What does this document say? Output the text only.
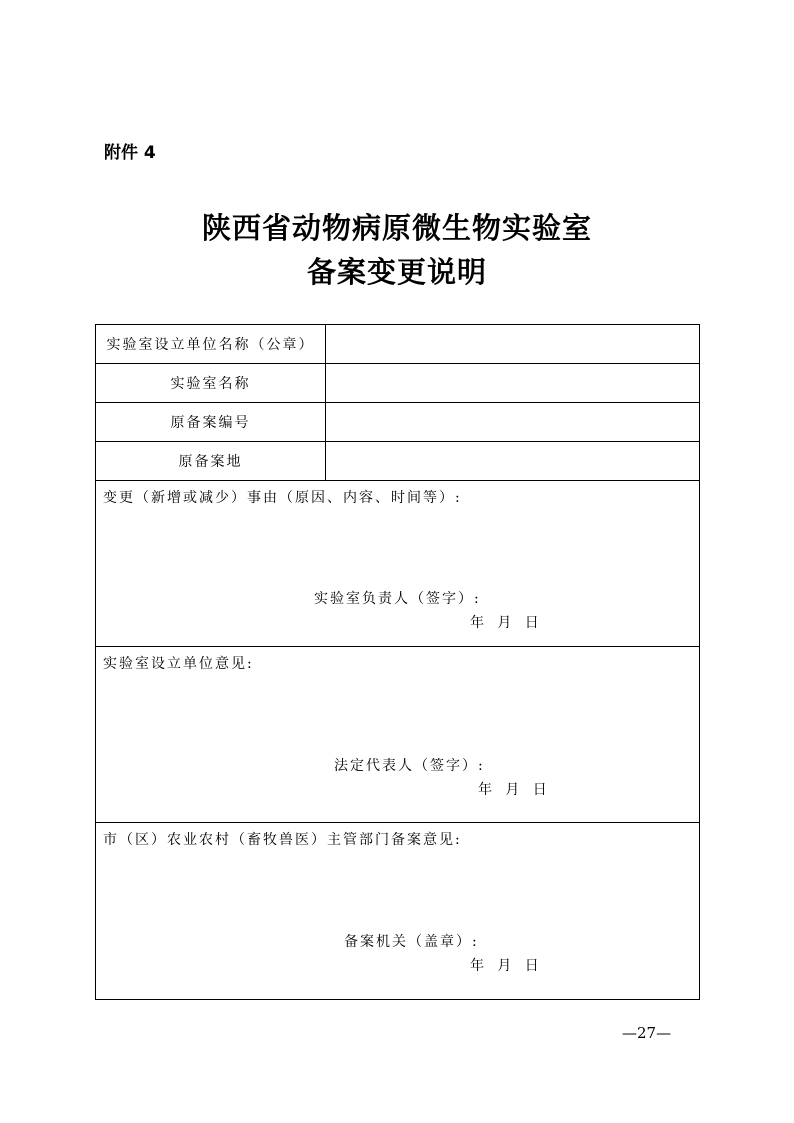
附件 4
陕西省动物病原微生物实验室
备案变更说明
实验室设立单位名称（公章）
实验室名称
原备案编号
原备案地
变更（新增或减少）事由（原因、内容、时间等）:
实验室负责人（签字）:
年   月   日
实验室设立单位意见:
法定代表人（签字）:
年   月   日
市（区）农业农村（畜牧兽医）主管部门备案意见:
备案机关（盖章）:
年   月   日
—27—
